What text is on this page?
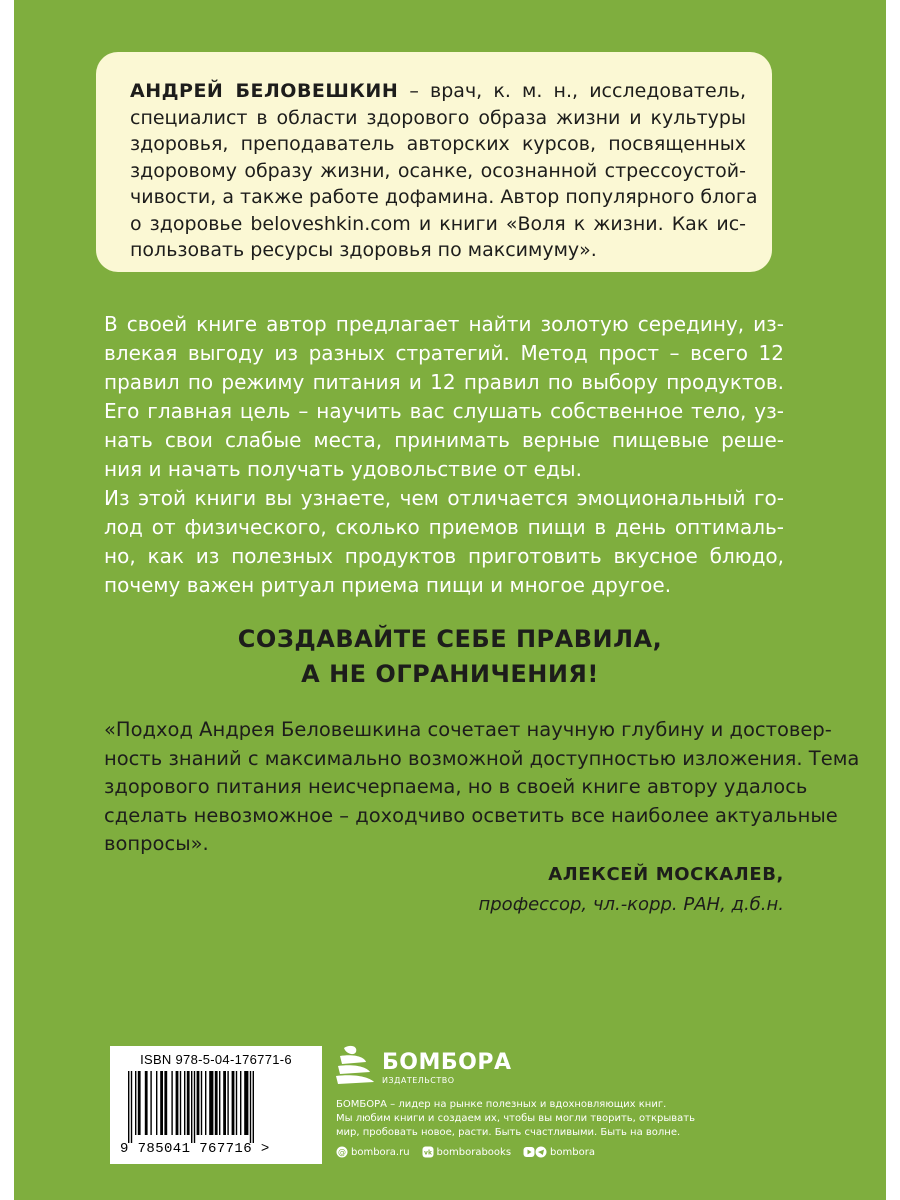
АНДРЕЙ БЕЛОВЕШКИН – врач, к. м. н., исследователь,
специалист в области здорового образа жизни и культуры
здоровья, преподаватель авторских курсов, посвященных
здоровому образу жизни, осанке, осознанной стрессоустой-
чивости, а также работе дофамина. Автор популярного блога
о здоровье beloveshkin.com и книги «Воля к жизни. Как ис-
пользовать ресурсы здоровья по максимуму».
В своей книге автор предлагает найти золотую середину, из-
влекая выгоду из разных стратегий. Метод прост – всего 12
правил по режиму питания и 12 правил по выбору продуктов.
Его главная цель – научить вас слушать собственное тело, уз-
нать свои слабые места, принимать верные пищевые реше-
ния и начать получать удовольствие от еды.
Из этой книги вы узнаете, чем отличается эмоциональный го-
лод от физического, сколько приемов пищи в день оптималь-
но, как из полезных продуктов приготовить вкусное блюдо,
почему важен ритуал приема пищи и многое другое.
СОЗДАВАЙТЕ СЕБЕ ПРАВИЛА,
А НЕ ОГРАНИЧЕНИЯ!
«Подход Андрея Беловешкина сочетает научную глубину и достовер-
ность знаний с максимально возможной доступностью изложения. Тема
здорового питания неисчерпаема, но в своей книге автору удалось
сделать невозможное – доходчиво осветить все наиболее актуальные
вопросы».
АЛЕКСЕЙ МОСКАЛЕВ,
профессор, чл.-корр. РАН, д.б.н.
ISBN 978-5-04-176771-6
9 785041 767716 >
БОМБОРА
ИЗДАТЕЛЬСТВО
БОМБОРА – лидер на рынке полезных и вдохновляющих книг.
Мы любим книги и создаем их, чтобы вы могли творить, открывать
мир, пробовать новое, расти. Быть счастливыми. Быть на волне.
@ bombora.ru vk bomborabooks	bombora
